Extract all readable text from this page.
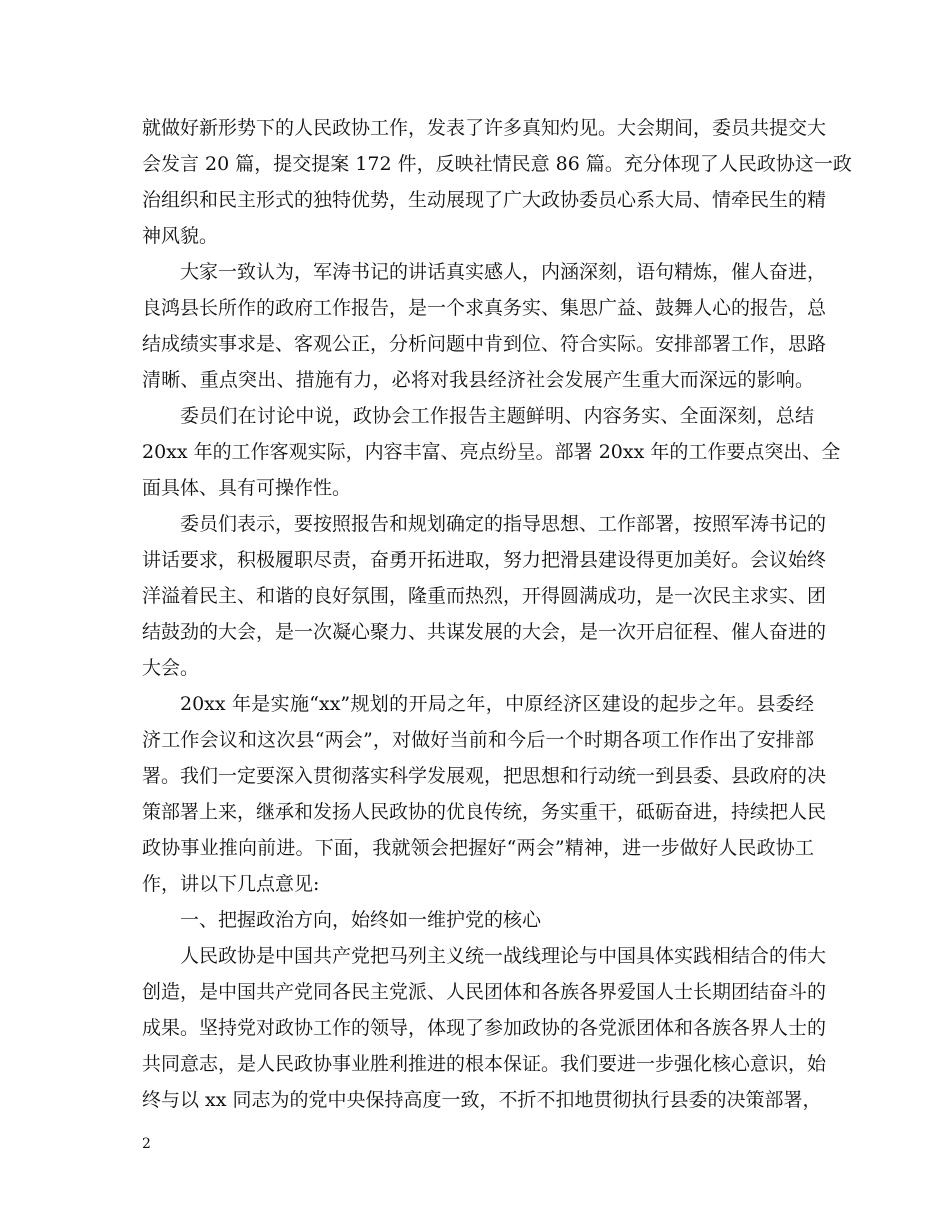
就做好新形势下的人民政协工作，发表了许多真知灼见。大会期间，委员共提交大
会发言 20 篇，提交提案 172 件，反映社情民意 86 篇。充分体现了人民政协这一政
治组织和民主形式的独特优势，生动展现了广大政协委员心系大局、情牵民生的精
神风貌。
大家一致认为，军涛书记的讲话真实感人，内涵深刻，语句精炼，催人奋进，
良鸿县长所作的政府工作报告，是一个求真务实、集思广益、鼓舞人心的报告，总
结成绩实事求是、客观公正，分析问题中肯到位、符合实际。安排部署工作，思路
清晰、重点突出、措施有力，必将对我县经济社会发展产生重大而深远的影响。
委员们在讨论中说，政协会工作报告主题鲜明、内容务实、全面深刻，总结
20xx 年的工作客观实际，内容丰富、亮点纷呈。部署 20xx 年的工作要点突出、全
面具体、具有可操作性。
委员们表示，要按照报告和规划确定的指导思想、工作部署，按照军涛书记的
讲话要求，积极履职尽责，奋勇开拓进取，努力把滑县建设得更加美好。会议始终
洋溢着民主、和谐的良好氛围，隆重而热烈，开得圆满成功，是一次民主求实、团
结鼓劲的大会，是一次凝心聚力、共谋发展的大会，是一次开启征程、催人奋进的
大会。
20xx 年是实施“xx”规划的开局之年，中原经济区建设的起步之年。县委经
济工作会议和这次县“两会”，对做好当前和今后一个时期各项工作作出了安排部
署。我们一定要深入贯彻落实科学发展观，把思想和行动统一到县委、县政府的决
策部署上来，继承和发扬人民政协的优良传统，务实重干，砥砺奋进，持续把人民
政协事业推向前进。下面，我就领会把握好“两会”精神，进一步做好人民政协工
作，讲以下几点意见:
一、把握政治方向，始终如一维护党的核心
人民政协是中国共产党把马列主义统一战线理论与中国具体实践相结合的伟大
创造，是中国共产党同各民主党派、人民团体和各族各界爱国人士长期团结奋斗的
成果。坚持党对政协工作的领导，体现了参加政协的各党派团体和各族各界人士的
共同意志，是人民政协事业胜利推进的根本保证。我们要进一步强化核心意识，始
终与以 xx 同志为的党中央保持高度一致，不折不扣地贯彻执行县委的决策部署，
2
